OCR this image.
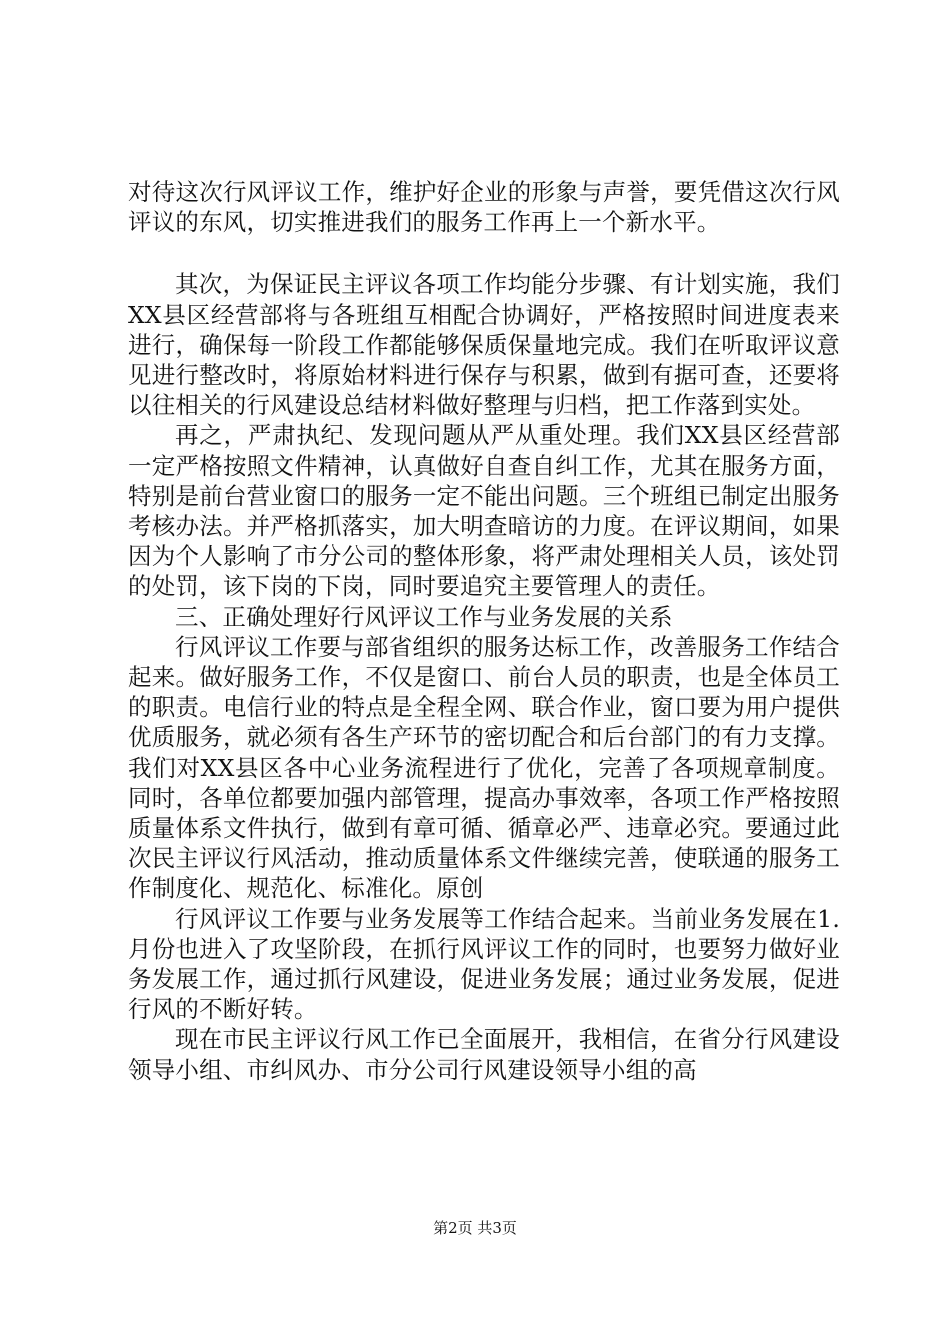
对待这次行风评议工作，维护好企业的形象与声誉，要凭借这次行风评议的东风，切实推进我们的服务工作再上一个新水平。

其次，为保证民主评议各项工作均能分步骤、有计划实施，我们XX县区经营部将与各班组互相配合协调好，严格按照时间进度表来进行，确保每一阶段工作都能够保质保量地完成。我们在听取评议意见进行整改时，将原始材料进行保存与积累，做到有据可查，还要将以往相关的行风建设总结材料做好整理与归档，把工作落到实处。

再之，严肃执纪、发现问题从严从重处理。我们XX县区经营部一定严格按照文件精神，认真做好自查自纠工作，尤其在服务方面，特别是前台营业窗口的服务一定不能出问题。三个班组已制定出服务考核办法。并严格抓落实，加大明查暗访的力度。在评议期间，如果因为个人影响了市分公司的整体形象，将严肃处理相关人员，该处罚的处罚，该下岗的下岗，同时要追究主要管理人的责任。

三、正确处理好行风评议工作与业务发展的关系

行风评议工作要与部省组织的服务达标工作，改善服务工作结合起来。做好服务工作，不仅是窗口、前台人员的职责，也是全体员工的职责。电信行业的特点是全程全网、联合作业，窗口要为用户提供优质服务，就必须有各生产环节的密切配合和后台部门的有力支撑。我们对XX县区各中心业务流程进行了优化，完善了各项规章制度。同时，各单位都要加强内部管理，提高办事效率，各项工作严格按照质量体系文件执行，做到有章可循、循章必严、违章必究。要通过此次民主评议行风活动，推动质量体系文件继续完善，使联通的服务工作制度化、规范化、标准化。原创

行风评议工作要与业务发展等工作结合起来。当前业务发展在1.月份也进入了攻坚阶段，在抓行风评议工作的同时，也要努力做好业务发展工作，通过抓行风建设，促进业务发展；通过业务发展，促进行风的不断好转。

现在市民主评议行风工作已全面展开，我相信，在省分行风建设领导小组、市纠风办、市分公司行风建设领导小组的高

第2页 共3页
